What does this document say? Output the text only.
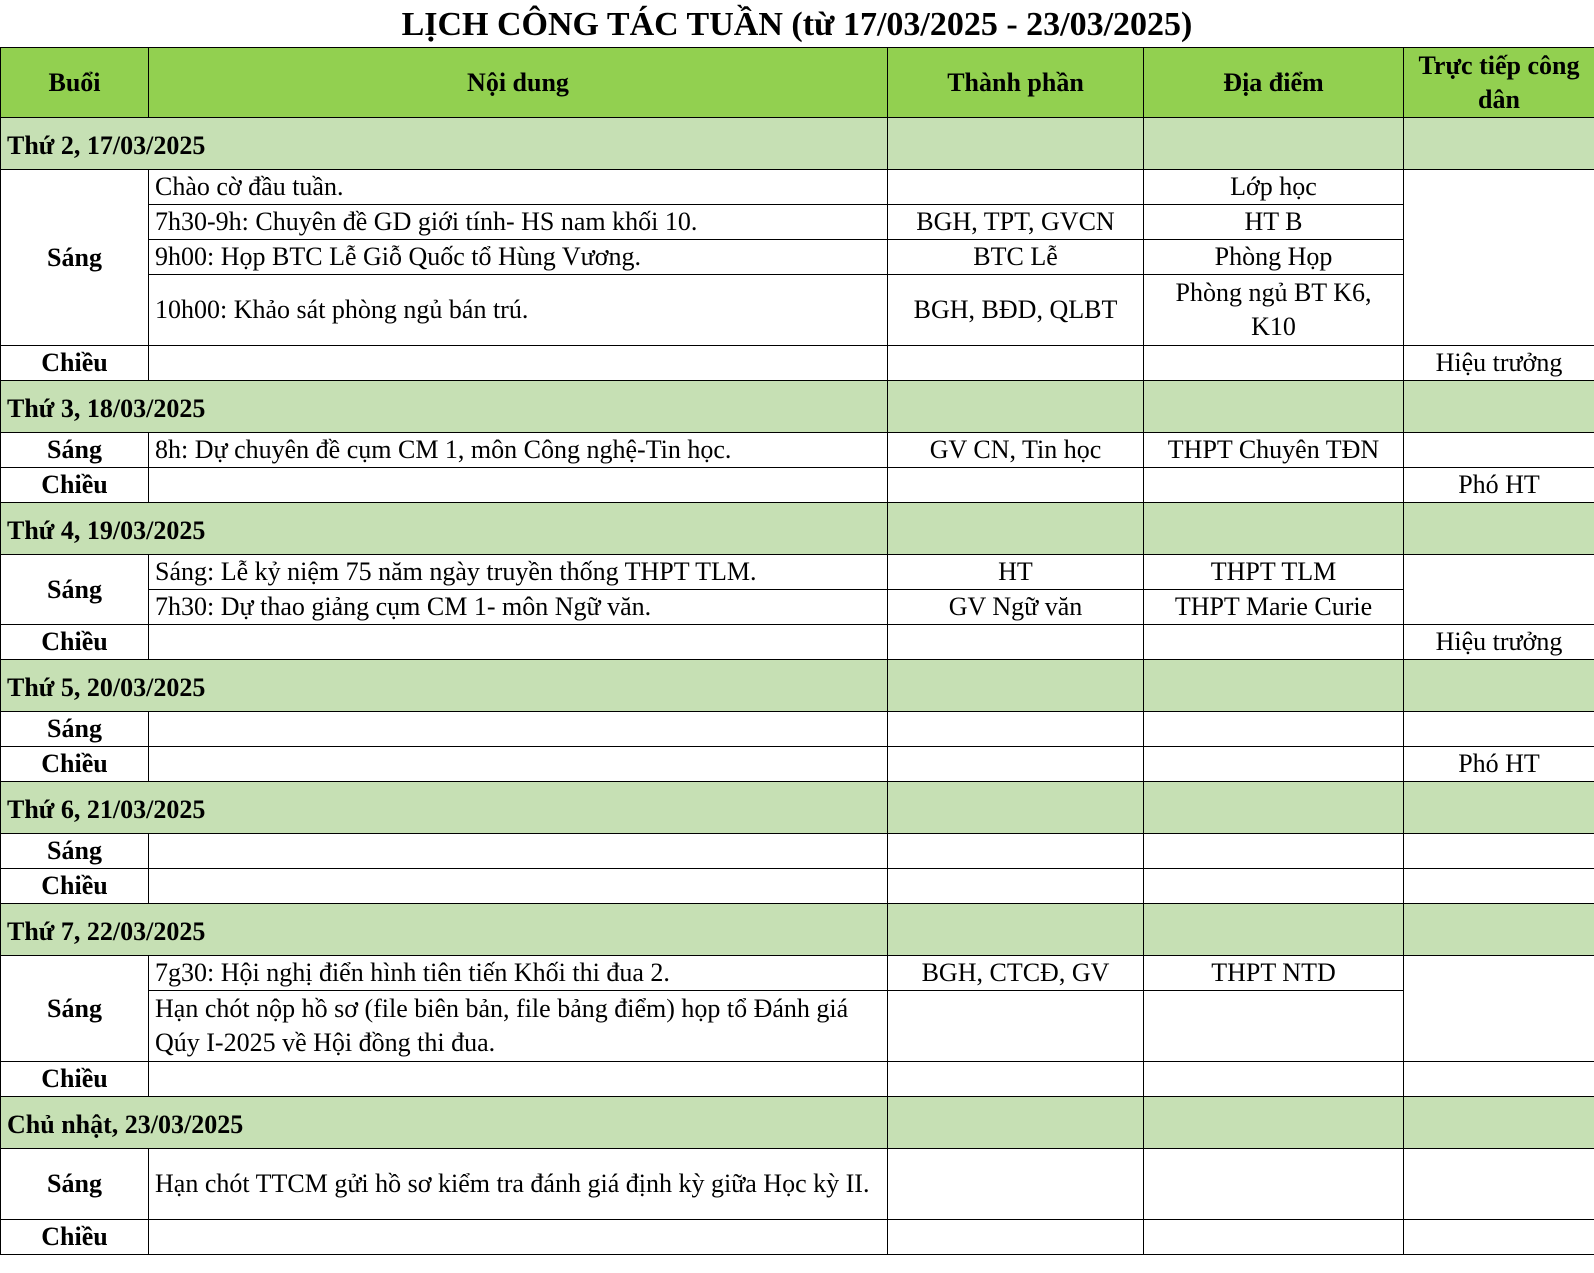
LỊCH CÔNG TÁC TUẦN (từ 17/03/2025 - 23/03/2025)
Buổi	Nội dung	Thành phần	Địa điểm	Trực tiếp công dân
Thứ 2, 17/03/2025				
Sáng	Chào cờ đầu tuần.		Lớp học	
	7h30-9h: Chuyên đề GD giới tính- HS nam khối 10.	BGH, TPT, GVCN	HT B	
	9h00: Họp BTC Lễ Giỗ Quốc tổ Hùng Vương.	BTC Lễ	Phòng Họp	
	10h00: Khảo sát phòng ngủ bán trú.	BGH, BĐD, QLBT	Phòng ngủ BT K6, K10	
Chiều				Hiệu trưởng
Thứ 3, 18/03/2025				
Sáng	8h: Dự chuyên đề cụm CM 1, môn Công nghệ-Tin học.	GV CN, Tin học	THPT Chuyên TĐN	
Chiều				Phó HT
Thứ 4, 19/03/2025				
Sáng	Sáng: Lễ kỷ niệm 75 năm ngày truyền thống THPT TLM.	HT	THPT TLM	
	7h30: Dự thao giảng cụm CM 1- môn Ngữ văn.	GV Ngữ văn	THPT Marie Curie	
Chiều				Hiệu trưởng
Thứ 5, 20/03/2025				
Sáng				
Chiều				Phó HT
Thứ 6, 21/03/2025				
Sáng				
Chiều				
Thứ 7, 22/03/2025				
Sáng	7g30: Hội nghị điển hình tiên tiến Khối thi đua 2.	BGH, CTCĐ, GV	THPT NTD	
	Hạn chót nộp hồ sơ (file biên bản, file bảng điểm) họp tổ Đánh giá Qúy I-2025 về Hội đồng thi đua.			
Chiều				
Chủ nhật, 23/03/2025				
Sáng	Hạn chót TTCM gửi hồ sơ kiểm tra đánh giá định kỳ giữa Học kỳ II.			
Chiều				
